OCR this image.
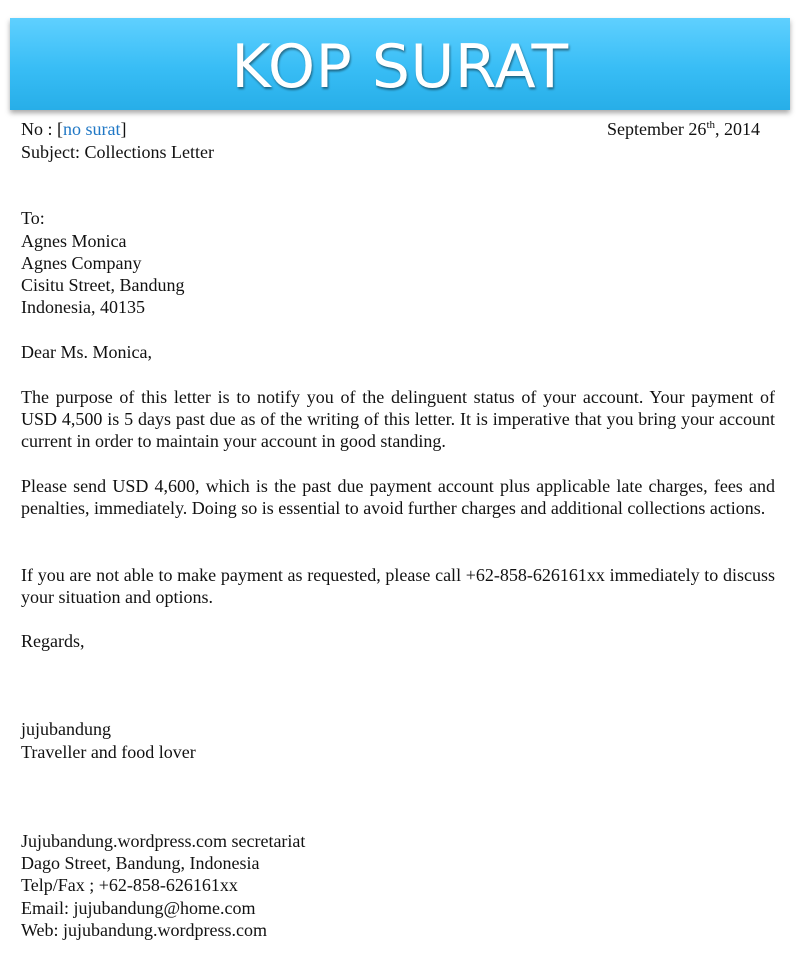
KOP SURAT
No : [no surat]	September 26th, 2014
Subject: Collections Letter
To:
Agnes Monica
Agnes Company
Cisitu Street, Bandung
Indonesia, 40135
Dear Ms. Monica,
The purpose of this letter is to notify you of the delinguent status of your account. Your payment of USD 4,500 is 5 days past due as of the writing of this letter. It is imperative that you bring your account current in order to maintain your account in good standing.
Please send USD 4,600, which is the past due payment account plus applicable late charges, fees and penalties, immediately. Doing so is essential to avoid further charges and additional collections actions.
If you are not able to make payment as requested, please call +62-858-626161xx immediately to discuss your situation and options.
Regards,
jujubandung
Traveller and food lover
Jujubandung.wordpress.com secretariat
Dago Street, Bandung, Indonesia
Telp/Fax ; +62-858-626161xx
Email: jujubandung@home.com
Web: jujubandung.wordpress.com
